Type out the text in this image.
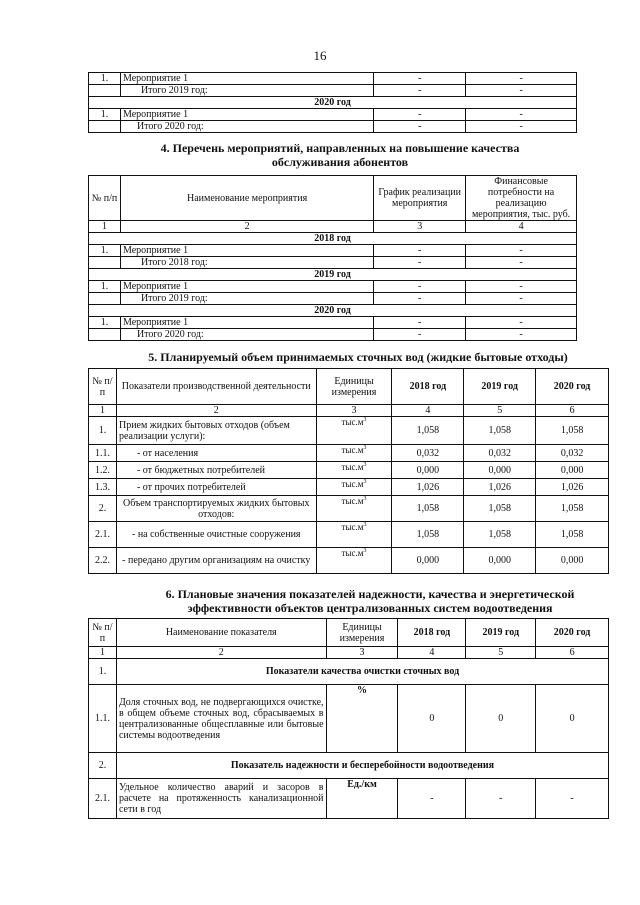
16
1.	Мероприятие 1	-	-
	Итого 2019 год:	-	-
2020 год			
1.	Мероприятие 1	-	-
	Итого 2020 год:	-	-
4. Перечень мероприятий, направленных на повышение качества
обслуживания абонентов
№ п/п	Наименование мероприятия	График реализации мероприятия	Финансовые потребности на реализацию мероприятия, тыс. руб.
1	2	3	4
2018 год			
1.	Мероприятие 1	-	-
	Итого 2018 год:	-	-
2019 год			
1.	Мероприятие 1	-	-
	Итого 2019 год:	-	-
2020 год			
1.	Мероприятие 1	-	-
	Итого 2020 год:	-	-
5. Планируемый объем принимаемых сточных вод (жидкие бытовые отходы)
№ п/п	Показатели производственной деятельности	Единицы измерения	2018 год	2019 год	2020 год
1	2	3	4	5	6
1.	Прием жидких бытовых отходов (объем реализации услуги):	$тыс.м^3$	1,058	1,058	1,058
1.1.	- от населения	$тыс.м^3$	0,032	0,032	0,032
1.2.	- от бюджетных потребителей	$тыс.м^3$	0,000	0,000	0,000
1.3.	- от прочих потребителей	$тыс.м^3$	1,026	1,026	1,026
2.	Объем транспортируемых жидких бытовых отходов:	$тыс.м^3$	1,058	1,058	1,058
2.1.	- на собственные очистные сооружения	$тыс.м^3$	1,058	1,058	1,058
2.2.	- передано другим организациям на очистку	$тыс.м^3$	0,000	0,000	0,000
6. Плановые значения показателей надежности, качества и энергетической
эффективности объектов централизованных систем водоотведения
№ п/п	Наименование показателя	Единицы измерения	2018 год	2019 год	2020 год
1	2	3	4	5	6
1.	Показатели качества очистки сточных вод				
1.1.	Доля сточных вод, не подвергающихся очистке, в общем объеме сточных вод, сбрасываемых в централизованные общесплавные или бытовые системы водоотведения	%	0	0	0
2.	Показатель надежности и бесперебойности водоотведения				
2.1.	Удельное количество аварий и засоров в расчете на протяженность канализационной сети в год	Ед./км	-	-	-
